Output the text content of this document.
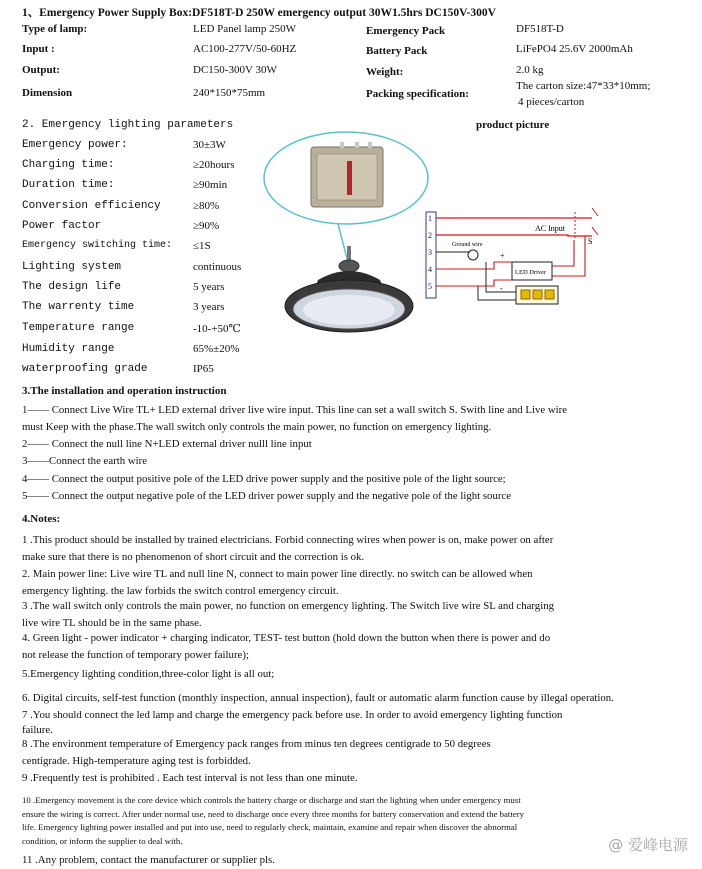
1、Emergency Power Supply Box:DF518T-D 250W emergency output 30W1.5hrs DC150V-300V
Type of lamp:	LED Panel lamp 250W
Input :	AC100-277V/50-60HZ
Output:	DC150-300V 30W
Dimension	240*150*75mm
Emergency Pack	DF518T-D
Battery Pack	LiFePO4 25.6V 2000mAh
Weight:	2.0 kg
Packing specification:
The carton size:47*33*10mm;
4 pieces/carton
2. Emergency lighting parameters
Emergency power:	30±3W
Charging time:	≥20hours
Duration time:	≥90min
Conversion efficiency	≥80%
Power factor	≥90%
Emergency switching time: ≤1S
Lighting system	continuous
The design life	5 years
The warrenty time	3 years
Temperature range	-10-+50℃
Humidity range	65%±20%
waterproofing grade	IP65
product picture
1
2
3
4
5
AC Input
S
Ground wire
LED Driver
+
-
3.The installation and operation instruction
1—— Connect Live Wire TL+ LED external driver live wire input. This line can set a wall switch S. Swith line and Live wire
must Keep with the phase.The wall switch only controls the main power, no function on emergency lighting.
2—— Connect the null line N+LED external driver nulll line input
3——Connect the earth wire
4—— Connect the output positive pole of the LED drive power supply and the positive pole of the light source;
5—— Connect the output negative pole of the LED driver power supply and the negative pole of the light source
4.Notes:
1 .This product should be installed by trained electricians. Forbid connecting wires when power is on, make power on after
make sure that there is no phenomenon of short circuit and the correction is ok.
2. Main power line: Live wire TL and null line N, connect to main power line directly. no switch can be allowed when
emergency lighting. the law forbids the switch control emergency circuit.
3 .The wall switch only controls the main power, no function on emergency lighting. The Switch live wire SL and charging
live wire TL should be in the same phase.
4. Green light - power indicator + charging indicator, TEST- test button (hold down the button when there is power and do
not release the function of temporary power failure);
5.Emergency lighting condition,three-color light is all out;
6. Digital circuits, self-test function (monthly inspection, annual inspection), fault or automatic alarm function cause by illegal operation.
7 .You should connect the led lamp and charge the emergency pack before use. In order to avoid emergency lighting function
failure.
8 .The environment temperature of Emergency pack ranges from minus ten degrees centigrade to 50 degrees
centigrade. High-temperature aging test is forbidded.
9 .Frequently test is prohibited . Each test interval is not less than one minute.
10 .Emergency movement is the core device which controls the battery charge or discharge and start the lighting when under emergency must
ensure the wiring is correct. After under normal use, need to discharge once every three months for battery conservation and extend the battery
life. Emergency lighting power installed and put into use, need to regularly check, maintain, examine and repair when discover the abnormal
condition, or inform the supplier to deal with.
11 .Any problem, contact the manufacturer or supplier pls.
@ 爱峰电源
